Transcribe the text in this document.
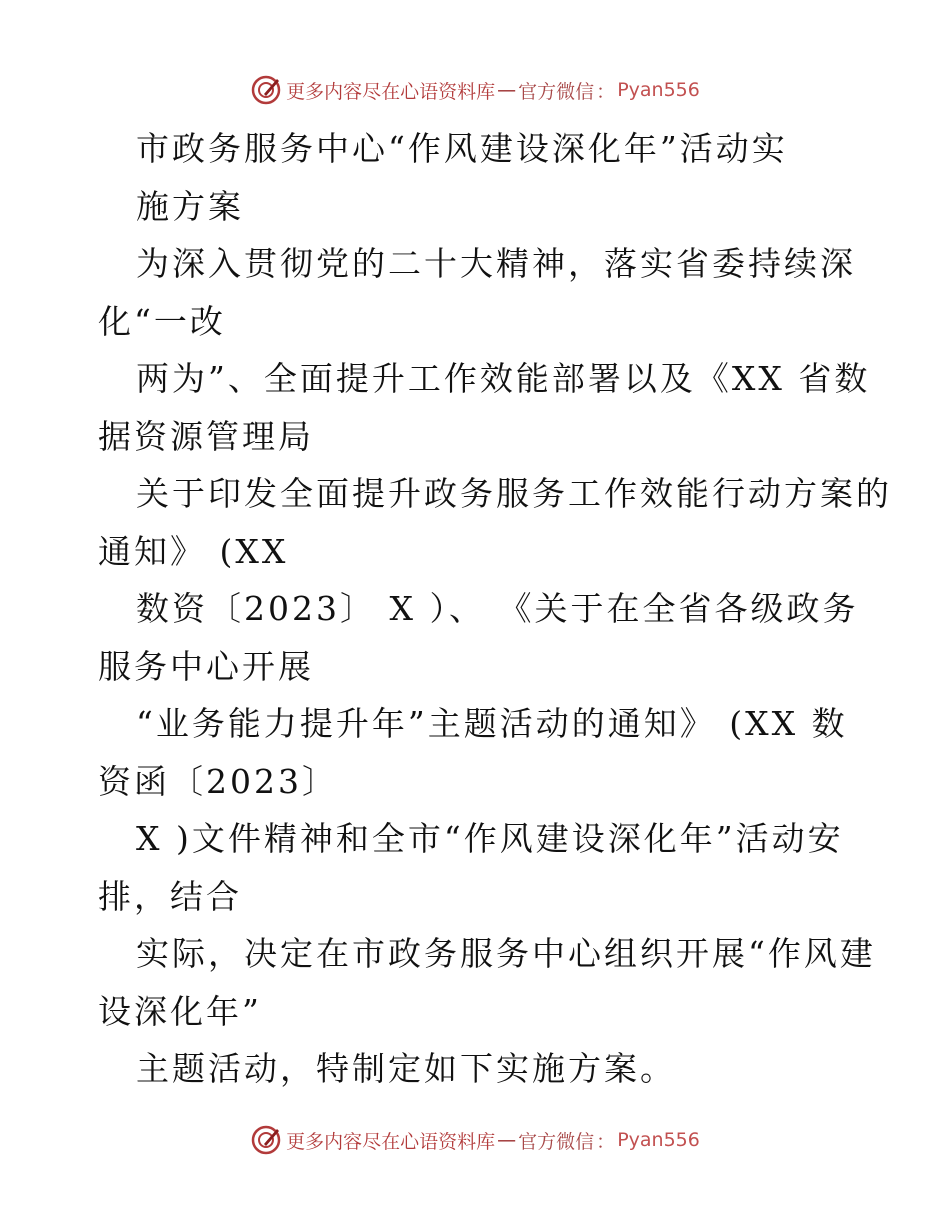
更多内容尽在心语资料库 — 官方微信 ： Pyan556
市政务服务中心“作风建设深化年”活动实
施方案
为深入贯彻党的二十大精神，落实省委持续深
化“一改
两为”、全面提升工作效能部署以及《XX 省数
据资源管理局
关于印发全面提升政务服务工作效能行动方案的
通知》 (XX
数资〔2023〕 X ）、 《关于在全省各级政务
服务中心开展
“业务能力提升年”主题活动的通知》 (XX 数
资函〔2023〕
X )文件精神和全市“作风建设深化年”活动安
排，结合
实际，决定在市政务服务中心组织开展“作风建
设深化年”
主题活动，特制定如下实施方案。
更多内容尽在心语资料库 — 官方微信 ： Pyan556
